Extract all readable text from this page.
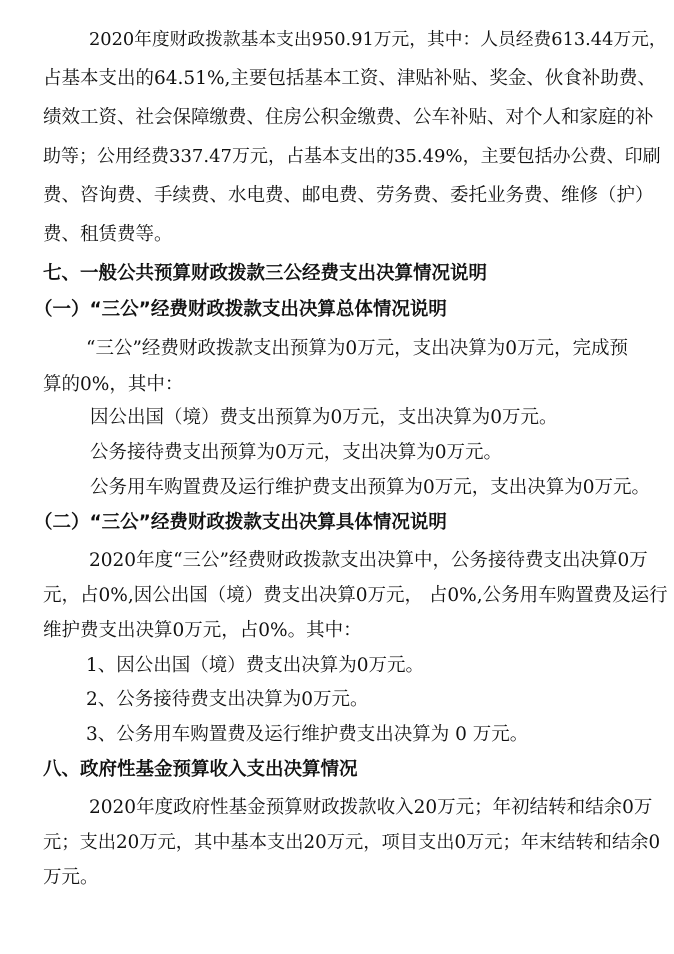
2020年度财政拨款基本支出950.91万元，其中：人员经费613.44万元，
占基本支出的64.51%,主要包括基本工资、津贴补贴、奖金、伙食补助费、
绩效工资、社会保障缴费、住房公积金缴费、公车补贴、对个人和家庭的补
助等；公用经费337.47万元，占基本支出的35.49%，主要包括办公费、印刷
费、咨询费、手续费、水电费、邮电费、劳务费、委托业务费、维修（护）
费、租赁费等。
七、一般公共预算财政拨款三公经费支出决算情况说明
（一）“三公”经费财政拨款支出决算总体情况说明
“三公”经费财政拨款支出预算为0万元，支出决算为0万元，完成预
算的0%，其中：
因公出国（境）费支出预算为0万元，支出决算为0万元。
公务接待费支出预算为0万元，支出决算为0万元。
公务用车购置费及运行维护费支出预算为0万元，支出决算为0万元。
（二）“三公”经费财政拨款支出决算具体情况说明
2020年度“三公”经费财政拨款支出决算中，公务接待费支出决算0万
元，占0%,因公出国（境）费支出决算0万元， 占0%,公务用车购置费及运行
维护费支出决算0万元，占0%。其中：
1、因公出国（境）费支出决算为0万元。
2、公务接待费支出决算为0万元。
3、公务用车购置费及运行维护费支出决算为 0 万元。
八、政府性基金预算收入支出决算情况
2020年度政府性基金预算财政拨款收入20万元；年初结转和结余0万
元；支出20万元，其中基本支出20万元，项目支出0万元；年末结转和结余0
万元。
